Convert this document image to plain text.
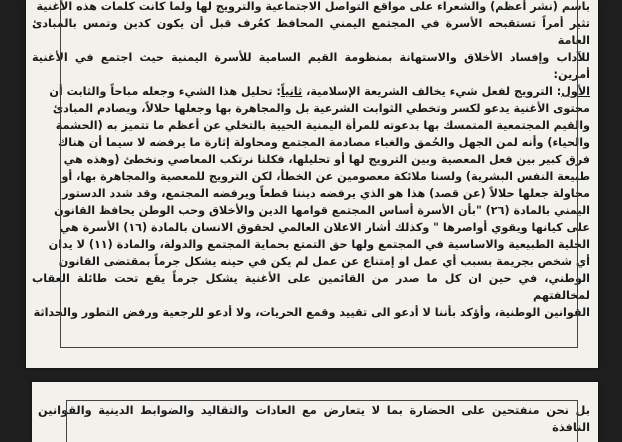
باسم (نشر أعظم) والشعراء على مواقع التواصل الاجتماعية والترويج لها ولما كانت كلمات هذه الأغنية

تثير أمراً تستقبحه الأسرة في المجتمع اليمني المحافظ كعُرف قبل أن يكون كدين وتمس بالمبادئ العامة

للآداب وإفساد الأخلاق والاستهانة بمنظومة القيم السامية للأسرة اليمنية حيث اجتمع في الأغنية أمرين:

الأول: الترويج لفعل شيء يخالف الشريعة الإسلامية، ثانياً: تحليل هذا الشيء وجعله مباحاً والثابت أن

محتوى الأغنية يدعو لكسر وتخطي الثوابت الشرعية بل والمجاهرة بها وجعلها حلالاً، ويصادم المبادئ

والقيم المجتمعية المتمسك بها بدعوته للمرأة اليمنية الحيية بالتخلي عن أعظم ما تتميز به (الحشمة

والحياء) وأنه لمن الجهل والحُمق والغباء مصادمة المجتمع ومحاولة إثارة ما يرفضه لا سيما أن هناك

فرق كبير بين فعل المعصية وبين الترويج لها أو تحليلها، فكلنا نرتكب المعاصي ونخطئ (وهذه هي

طبيعة النفس البشرية) ولسنا ملائكة معصومين عن الخطأ، لكن الترويج للمعصية والمجاهرة بها، أو

محاولة جعلها حلالاً (عن قصد) هذا هو الذي يرفضه ديننا قطعاً ويرفضه المجتمع، وقد شدد الدستور

اليمني بالمادة (٢٦) "بأن الأسرة أساس المجتمع قوامها الدين والأخلاق وحب الوطن يحافظ القانون

على كيانها ويقوي أواصرها " وكذلك أشار الاعلان العالمي لحقوق الانسان بالمادة (١٦) الأسرة هي

الخلية الطبيعية والاساسية في المجتمع ولها حق التمتع بحماية المجتمع والدولة، والمادة (١١) لا يدان

أي شخص بجريمة بسبب أي عمل او إمتناع عن عمل لم يكن في حينه يشكل جرماً بمقتضى القانون

الوطني، في حين ان كل ما صدر من القائمين على الأغنية يشكل جرماً يقع تحت طائلة العقاب لمخالفتهم

القوانين الوطنية، وأؤكد بأننا لا أدعو الى تقييد وقمع الحريات، ولا أدعو للرجعية ورفض التطور والحداثة

بل نحن منفتحين على الحضارة بما لا يتعارض مع العادات والتقاليد والضوابط الدينية والقوانين النافذة
